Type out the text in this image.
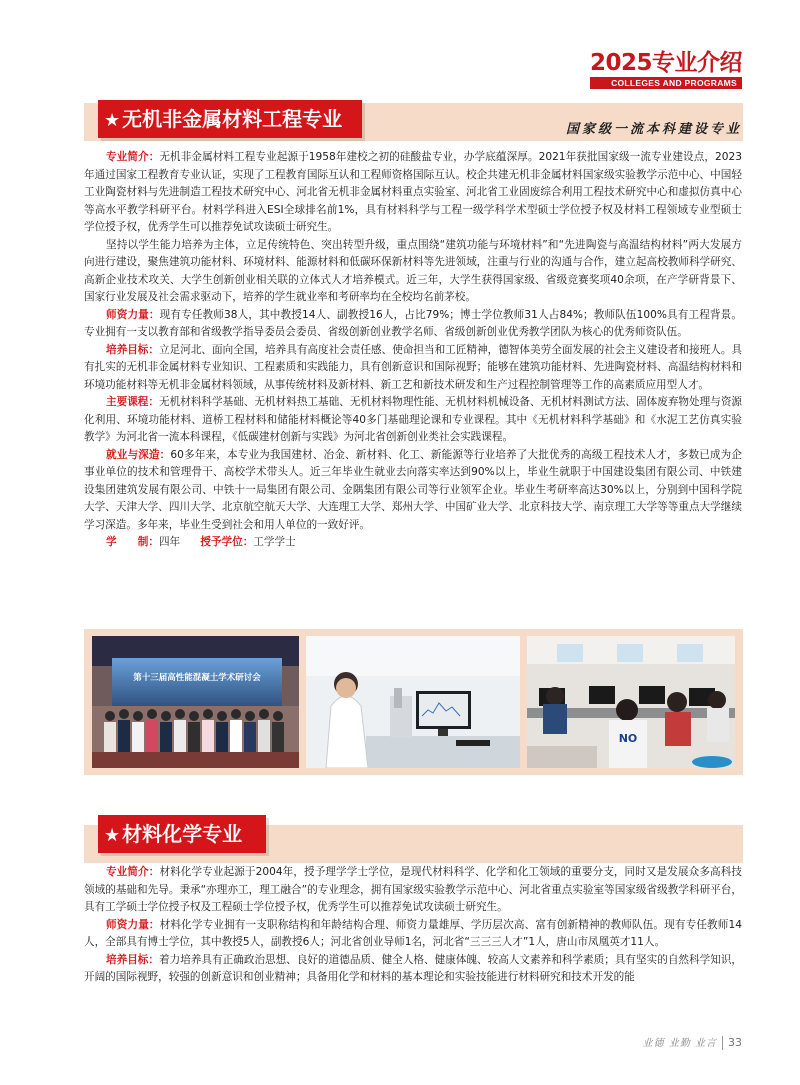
2025专业介绍
COLLEGES AND PROGRAMS
★ 无机非金属材料工程专业	国家级一流本科建设专业

专业简介：无机非金属材料工程专业起源于1958年建校之初的硅酸盐专业，办学底蕴深厚。2021年获批国家级一流专业建设点，2023年通过国家工程教育专业认证，实现了工程教育国际互认和工程师资格国际互认。校企共建无机非金属材料国家级实验教学示范中心、中国轻工业陶瓷材料与先进制造工程技术研究中心、河北省无机非金属材料重点实验室、河北省工业固废综合利用工程技术研究中心和虚拟仿真中心等高水平教学科研平台。材料学科进入ESI全球排名前1%，具有材料科学与工程一级学科学术型硕士学位授予权及材料工程领域专业型硕士学位授予权，优秀学生可以推荐免试攻读硕士研究生。

坚持以学生能力培养为主体，立足传统特色、突出转型升级，重点围绕“建筑功能与环境材料”和“先进陶瓷与高温结构材料”两大发展方向进行建设，聚焦建筑功能材料、环境材料、能源材料和低碳环保新材料等先进领域，注重与行业的沟通与合作，建立起高校教师科学研究、高新企业技术攻关、大学生创新创业相关联的立体式人才培养模式。近三年，大学生获得国家级、省级竞赛奖项40余项，在产学研背景下、国家行业发展及社会需求驱动下，培养的学生就业率和考研率均在全校均名前茅校。

师资力量：现有专任教师38人，其中教授14人、副教授16人，占比79%；博士学位教师31人占84%；教师队伍100%具有工程背景。专业拥有一支以教育部和省级教学指导委员会委员、省级创新创业教学名师、省级创新创业优秀教学团队为核心的优秀师资队伍。

培养目标：立足河北、面向全国，培养具有高度社会责任感、使命担当和工匠精神，德智体美劳全面发展的社会主义建设者和接班人。具有扎实的无机非金属材料专业知识、工程素质和实践能力，具有创新意识和国际视野；能够在建筑功能材料、先进陶瓷材料、高温结构材料和环境功能材料等无机非金属材料领域，从事传统材料及新材料、新工艺和新技术研发和生产过程控制管理等工作的高素质应用型人才。

主要课程：无机材料科学基础、无机材料热工基础、无机材料物理性能、无机材料机械设备、无机材料测试方法、固体废弃物处理与资源化利用、环境功能材料、道桥工程材料和储能材料概论等40多门基础理论课和专业课程。其中《无机材料科学基础》和《水泥工艺仿真实验教学》为河北省一流本科课程，《低碳建材创新与实践》为河北省创新创业类社会实践课程。

就业与深造：60多年来，本专业为我国建材、冶金、新材料、化工、新能源等行业培养了大批优秀的高级工程技术人才，多数已成为企事业单位的技术和管理骨干、高校学术带头人。近三年毕业生就业去向落实率达到90%以上，毕业生就职于中国建设集团有限公司、中铁建设集团建筑发展有限公司、中铁十一局集团有限公司、金隅集团有限公司等行业领军企业。毕业生考研率高达30%以上，分别到中国科学院大学、天津大学、四川大学、北京航空航天大学、大连理工大学、郑州大学、中国矿业大学、北京科技大学、南京理工大学等等重点大学继续学习深造。多年来，毕业生受到社会和用人单位的一致好评。

学　　制：四年 授予学位：工学学士

第十三届高性能混凝土学术研讨会
NO
★ 材料化学专业

专业简介：材料化学专业起源于2004年，授予理学学士学位，是现代材料科学、化学和化工领域的重要分支，同时又是发展众多高科技领域的基础和先导。秉承“亦理亦工，理工融合”的专业理念，拥有国家级实验教学示范中心、河北省重点实验室等国家级省级教学科研平台，具有工学硕士学位授予权及工程硕士学位授予权，优秀学生可以推荐免试攻读硕士研究生。

师资力量：材料化学专业拥有一支职称结构和年龄结构合理、师资力量雄厚、学历层次高、富有创新精神的教师队伍。现有专任教师14人，全部具有博士学位，其中教授5人，副教授6人；河北省创业导师1名，河北省“三三三人才”1人，唐山市凤凰英才11人。

培养目标：着力培养具有正确政治思想、良好的道德品质、健全人格、健康体魄、较高人文素养和科学素质；具有坚实的自然科学知识，开阔的国际视野，较强的创新意识和创业精神；具备用化学和材料的基本理论和实验技能进行材料研究和技术开发的能

业德 业勤 业言 33
